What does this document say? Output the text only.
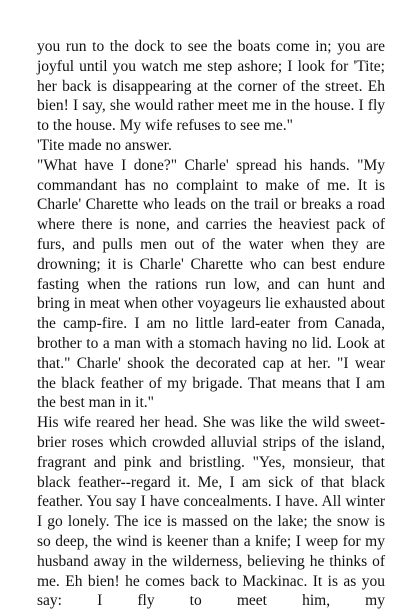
you run to the dock to see the boats come in; you are joyful until you watch me step ashore; I look for 'Tite; her back is disappearing at the corner of the street. Eh bien! I say, she would rather meet me in the house. I fly to the house. My wife refuses to see me."

'Tite made no answer.

"What have I done?" Charle' spread his hands. "My commandant has no complaint to make of me. It is Charle' Charette who leads on the trail or breaks a road where there is none, and carries the heaviest pack of furs, and pulls men out of the water when they are drowning; it is Charle' Charette who can best endure fasting when the rations run low, and can hunt and bring in meat when other voyageurs lie exhausted about the camp-fire. I am no little lard-eater from Canada, brother to a man with a stomach having no lid. Look at that." Charle' shook the decorated cap at her. "I wear the black feather of my brigade. That means that I am the best man in it."

His wife reared her head. She was like the wild sweet-brier roses which crowded alluvial strips of the island, fragrant and pink and bristling. "Yes, monsieur, that black feather--regard it. Me, I am sick of that black feather. You say I have concealments. I have. All winter I go lonely. The ice is massed on the lake; the snow is so deep, the wind is keener than a knife; I weep for my husband away in the wilderness, believing he thinks of me. Eh bien! he comes back to Mackinac. It is as you say: I fly to meet him, my
